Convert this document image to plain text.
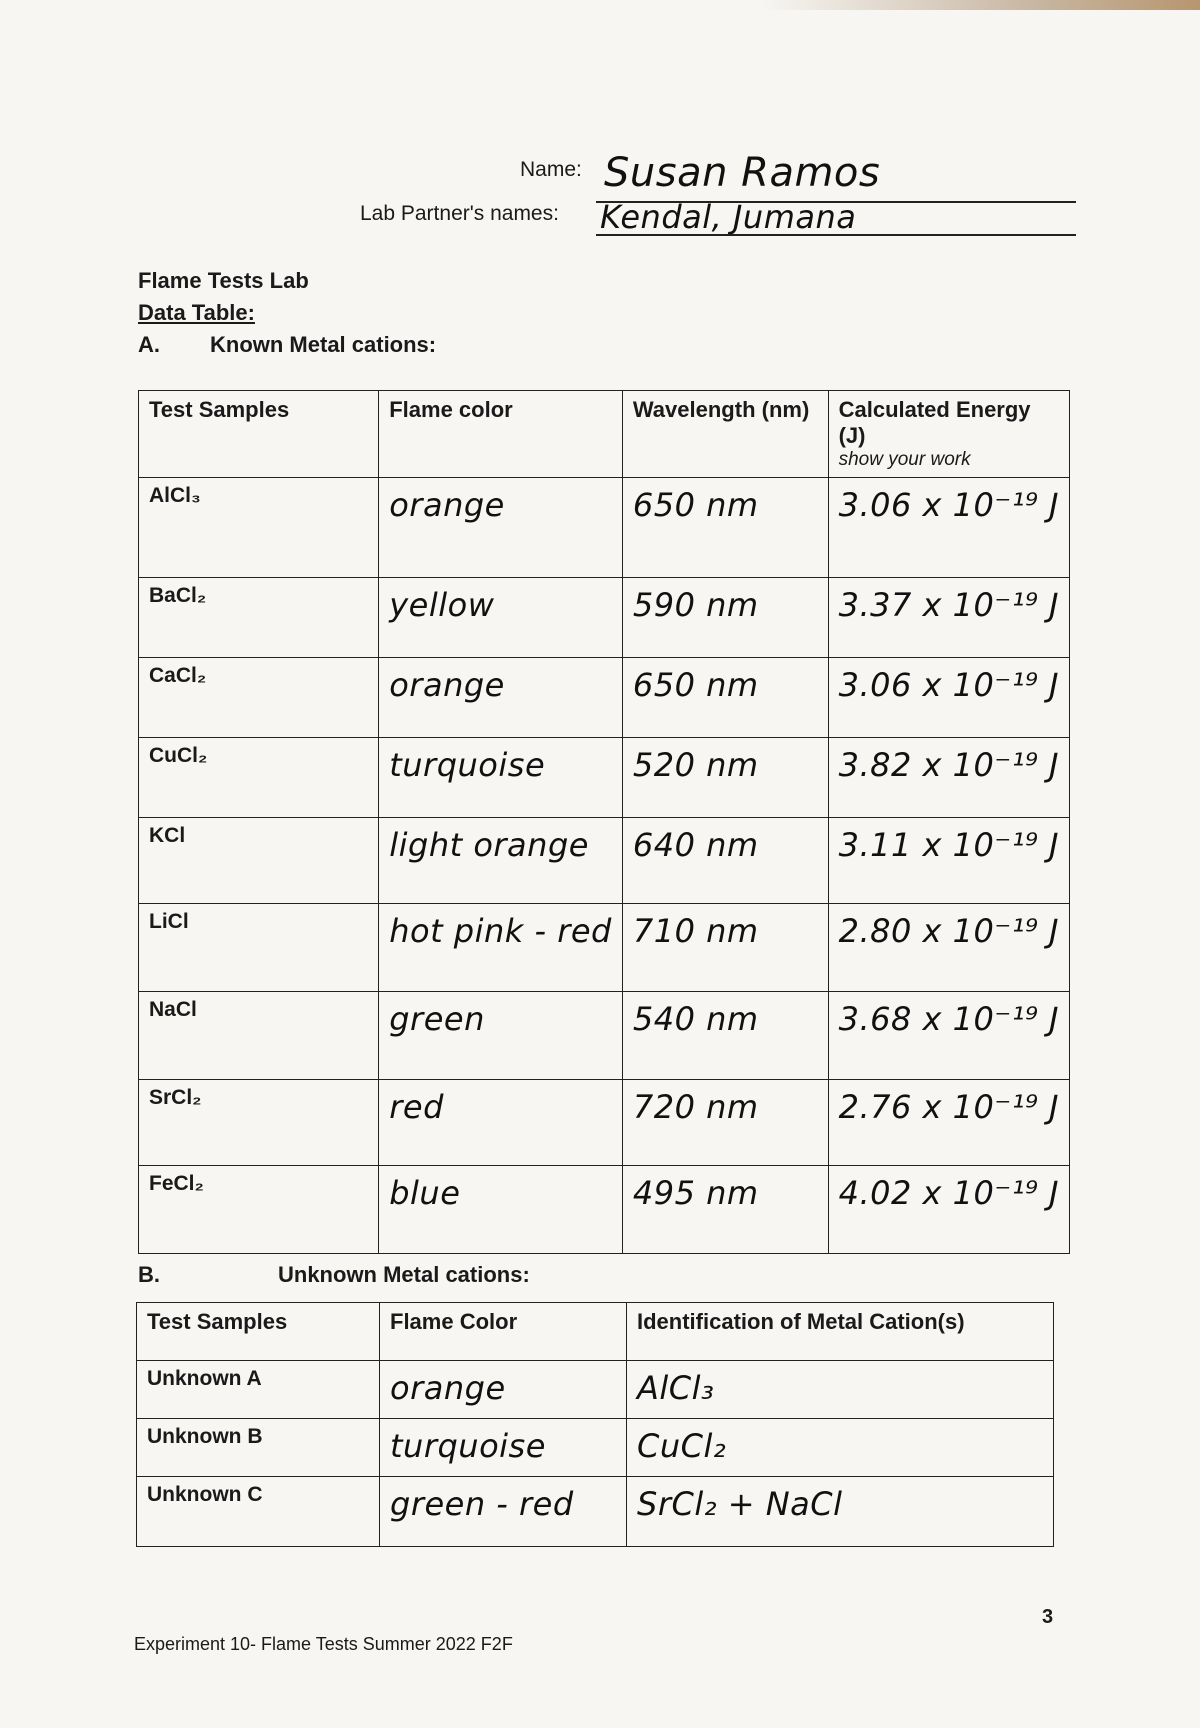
Name: Susan Ramos
Lab Partner's names: Kendal, Jumana
Flame Tests Lab
Data Table:
A. Known Metal cations:
Test Samples	Flame color	Wavelength (nm)	Calculated Energy (J)
show your work

AlCl₃	orange	650 nm	3.06 x 10⁻¹⁹ J

BaCl₂	yellow	590 nm	3.37 x 10⁻¹⁹ J

CaCl₂	orange	650 nm	3.06 x 10⁻¹⁹ J

CuCl₂	turquoise	520 nm	3.82 x 10⁻¹⁹ J

KCl	light orange	640 nm	3.11 x 10⁻¹⁹ J

LiCl	hot pink - red	710 nm	2.80 x 10⁻¹⁹ J

NaCl	green	540 nm	3.68 x 10⁻¹⁹ J

SrCl₂	red	720 nm	2.76 x 10⁻¹⁹ J

FeCl₂	blue	495 nm	4.02 x 10⁻¹⁹ J
B.	Unknown Metal cations:
Test Samples	Flame Color	Identification of Metal Cation(s)
Unknown A	orange	AlCl₃

Unknown B	turquoise	CuCl₂

Unknown C	green - red	SrCl₂ + NaCl
3
Experiment 10- Flame Tests Summer 2022 F2F
